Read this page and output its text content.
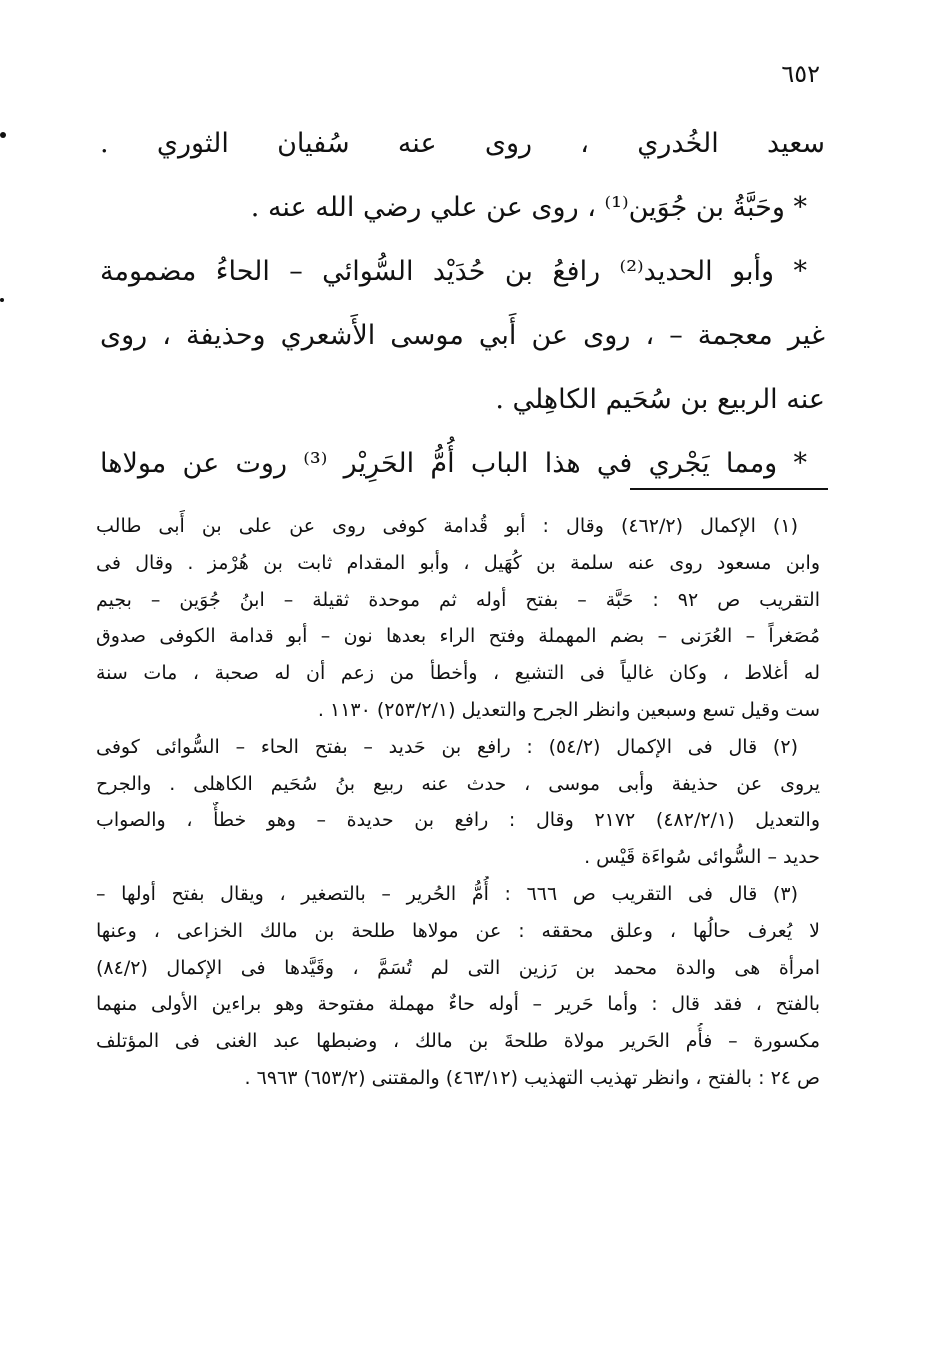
٦٥٢
سعيد الخُدري ، روى عنه سُفيان الثوري .
* وحَبَّةُ بن جُوَين⁽¹⁾ ، روى عن علي رضي الله عنه .
* وأبو الحديد⁽²⁾ رافعُ بن حُدَيْد السُّوائي – الحاءُ مضمومة
غير معجمة – ، روى عن أَبي موسى الأَشعري وحذيفة ، روى
عنه الربيع بن سُحَيم الكاهِلي .
* ومما يَجْري في هذا الباب أُمُّ الحَرِيْر ⁽³⁾ روت عن مولاها
(١) الإكمال (٤٦٢/٢) وقال : أبو قُدامة كوفى روى عن على بن أَبى طالب
وابن مسعود روى عنه سلمة بن كُهَيل ، وأبو المقدام ثابت بن هُرْمز . وقال فى
التقريب ص ٩٢ : حَبَّة – بفتح أوله ثم موحدة ثقيلة – ابنُ جُوَين – بجيم
مُصَغراً – العُرَنى – بضم المهملة وفتح الراء بعدها نون – أبو قدامة الكوفى صدوق
له أغلاط ، وكان غالياً فى التشيع ، وأخطأ من زعم أن له صحبة ، مات سنة
ست وقيل تسع وسبعين وانظر الجرح والتعديل (٢٥٣/٢/١) ١١٣٠ .
(٢) قال فى الإكمال (٥٤/٢) : رافع بن حَديد – بفتح الحاء – السُّوائى كوفى
يروى عن حذيفة وأبى موسى ، حدث عنه ربيع بنُ سُحَيم الكاهلى . والجرح
والتعديل (٤٨٢/٢/١) ٢١٧٢ وقال : رافع بن حديدة – وهو خطأٌ ، والصواب
حديد – السُّوائى سُواءَة قَيْس .
(٣) قال فى التقريب ص ٦٦٦ : أُمُّ الحُرير – بالتصغير ، ويقال بفتح أولها –
لا يُعرف حالُها ، وعلق محققه : عن مولاها طلحة بن مالك الخزاعى ، وعنها
امرأة هى والدة محمد بن رَزين التى لم تُسَمَّ ، وقَيَّدها فى الإكمال (٨٤/٢)
بالفتح ، فقد قال : وأما حَرير – أوله حاءٌ مهملة مفتوحة وهو براءين الأولى منهما
مكسورة – فأُم الحَرير مولاة طلحةَ بن مالك ، وضبطها عبد الغنى فى المؤتلف
ص ٢٤ : بالفتح ، وانظر تهذيب التهذيب (٤٦٣/١٢) والمقتنى (٦٥٣/٢) ٦٩٦٣ .
